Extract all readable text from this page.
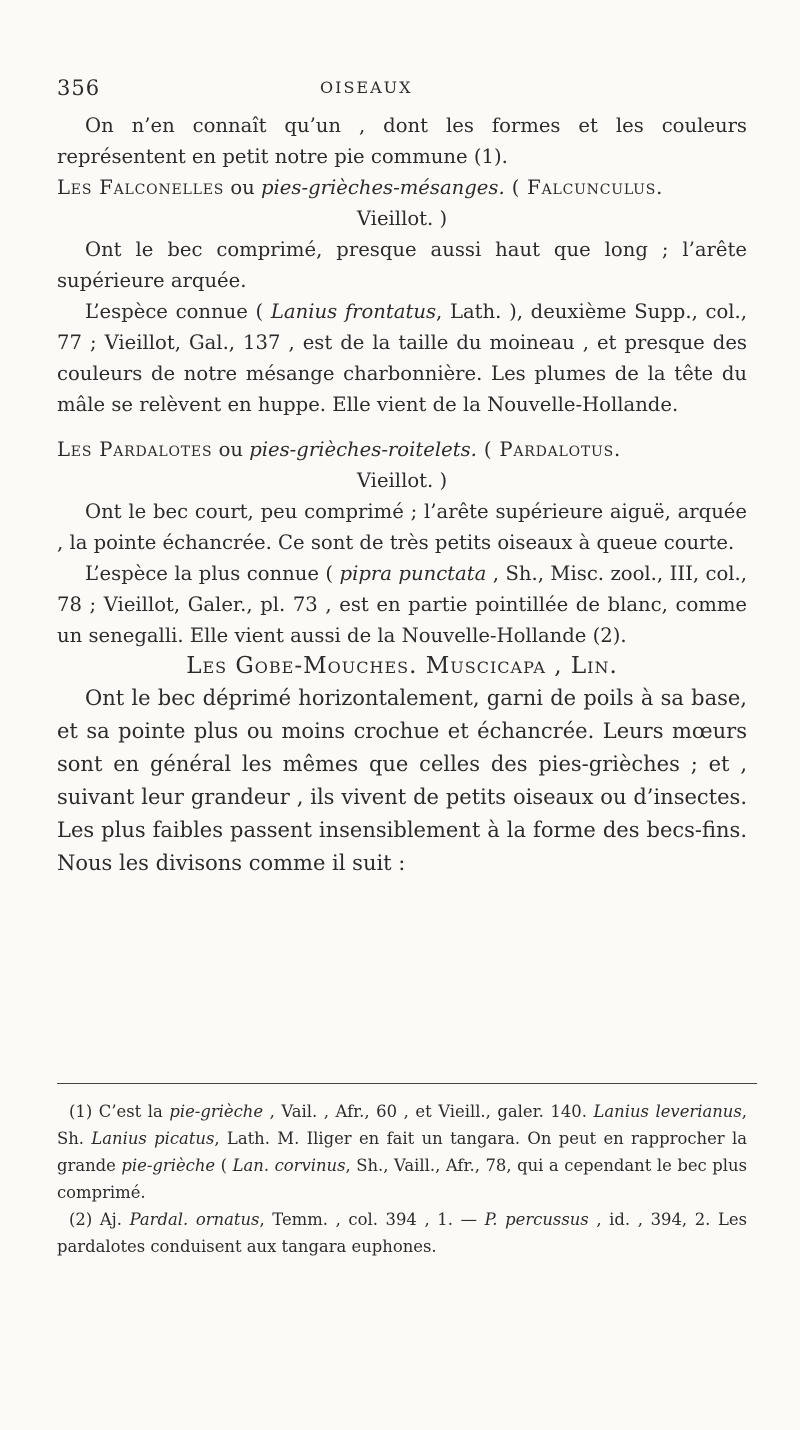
356	OISEAUX

On n’en connaît qu’un , dont les formes et les couleurs représentent en petit notre pie commune (1).

Les Falconelles ou pies-grièches-mésanges. ( Falcunculus.

Vieillot. )

Ont le bec comprimé, presque aussi haut que long ; l’arête supérieure arquée.

L’espèce connue ( Lanius frontatus, Lath. ), deuxième Supp., col., 77 ; Vieillot, Gal., 137 , est de la taille du moineau , et presque des couleurs de notre mésange charbonnière. Les plumes de la tête du mâle se relèvent en huppe. Elle vient de la Nouvelle-Hollande.

Les Pardalotes ou pies-grièches-roitelets. ( Pardalotus.

Vieillot. )

Ont le bec court, peu comprimé ; l’arête supérieure aiguë, arquée , la pointe échancrée. Ce sont de très petits oiseaux à queue courte.

L’espèce la plus connue ( pipra punctata , Sh., Misc. zool., III, col., 78 ; Vieillot, Galer., pl. 73 , est en partie pointillée de blanc, comme un senegalli. Elle vient aussi de la Nouvelle-Hollande (2).

Les Gobe-Mouches. Muscicapa , Lin.

Ont le bec déprimé horizontalement, garni de poils à sa base, et sa pointe plus ou moins crochue et échancrée. Leurs mœurs sont en général les mêmes que celles des pies-grièches ; et , suivant leur grandeur , ils vivent de petits oiseaux ou d’insectes. Les plus faibles passent insensiblement à la forme des becs-fins. Nous les divisons comme il suit :

(1) C’est la pie-grièche , Vail. , Afr., 60 , et Vieill., galer. 140. Lanius leverianus, Sh. Lanius picatus, Lath. M. Iliger en fait un tangara. On peut en rapprocher la grande pie-grièche ( Lan. corvinus, Sh., Vaill., Afr., 78, qui a cependant le bec plus comprimé.

(2) Aj. Pardal. ornatus, Temm. , col. 394 , 1. — P. percussus , id. , 394, 2. Les pardalotes conduisent aux tangara euphones.
